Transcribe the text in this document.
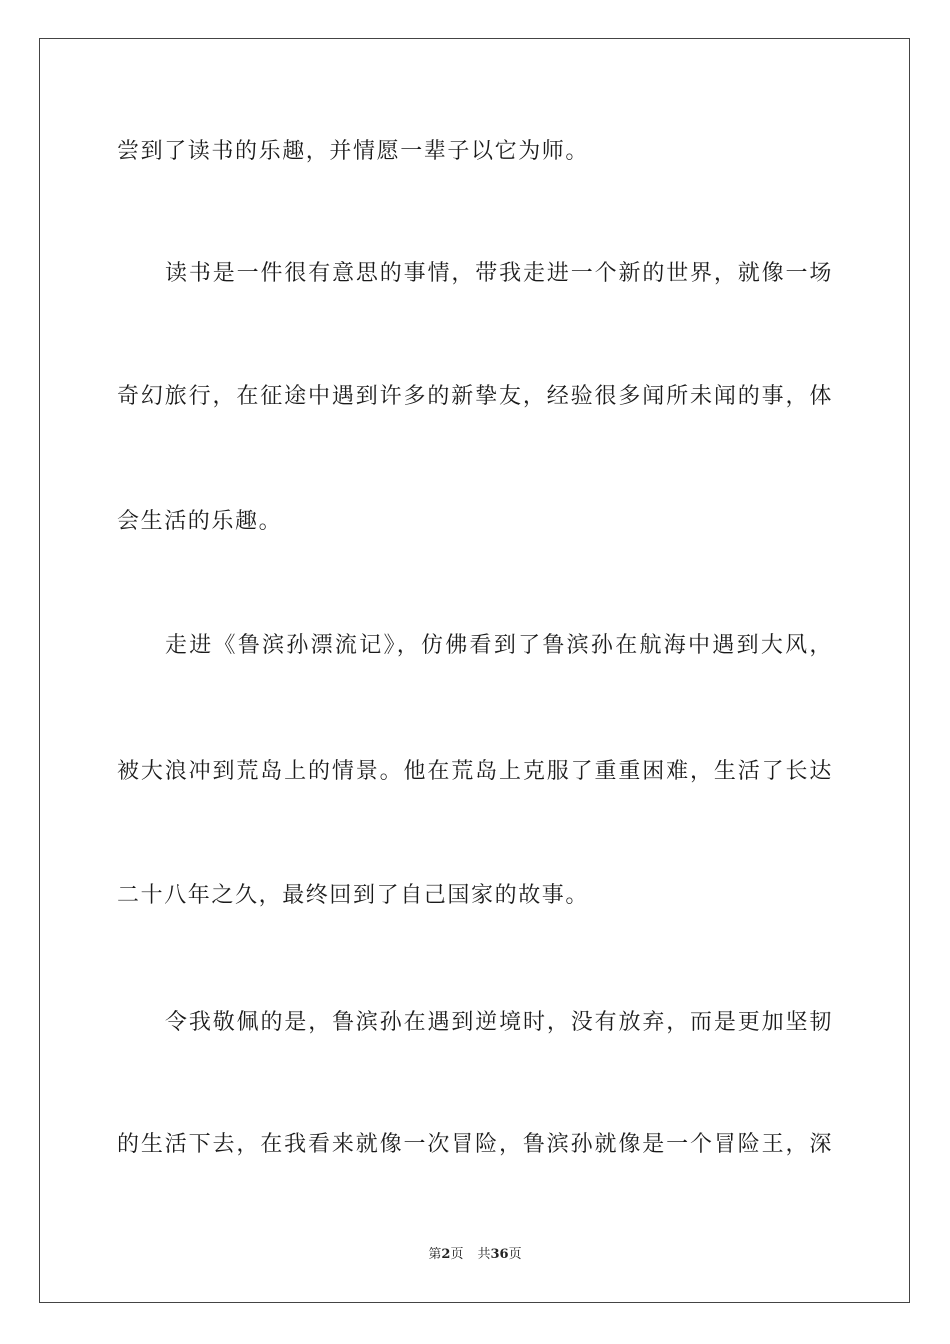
尝到了读书的乐趣，并情愿一辈子以它为师。
读书是一件很有意思的事情，带我走进一个新的世界，就像一场
奇幻旅行，在征途中遇到许多的新挚友，经验很多闻所未闻的事，体
会生活的乐趣。
走进《鲁滨孙漂流记》，仿佛看到了鲁滨孙在航海中遇到大风，
被大浪冲到荒岛上的情景。他在荒岛上克服了重重困难，生活了长达
二十八年之久，最终回到了自己国家的故事。
令我敬佩的是，鲁滨孙在遇到逆境时，没有放弃，而是更加坚韧
的生活下去，在我看来就像一次冒险，鲁滨孙就像是一个冒险王，深
第2页 共36页
